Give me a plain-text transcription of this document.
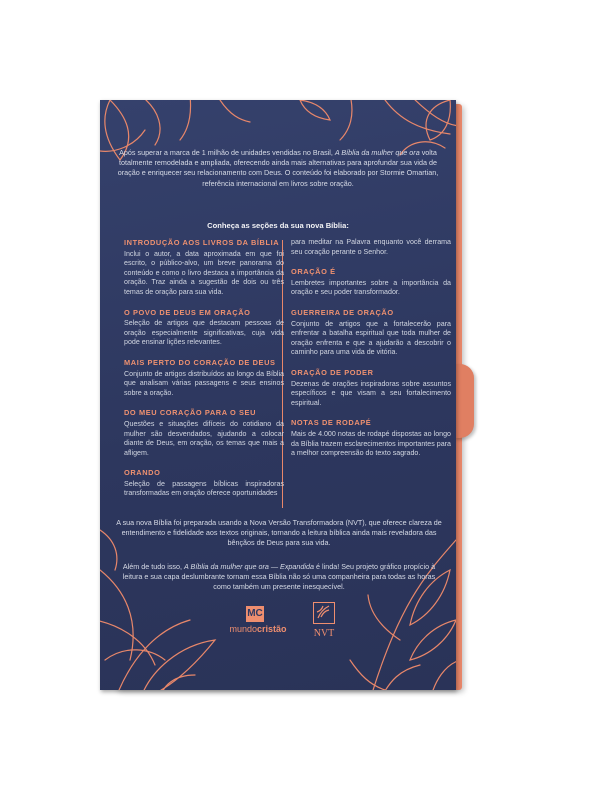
Após superar a marca de 1 milhão de unidades vendidas no Brasil, A Bíblia da mulher que ora volta totalmente remodelada e ampliada, oferecendo ainda mais alternativas para aprofundar sua vida de oração e enriquecer seu relacionamento com Deus. O conteúdo foi elaborado por Stormie Omartian, referência internacional em livros sobre oração.
Conheça as seções da sua nova Bíblia:
INTRODUÇÃO AOS LIVROS DA BÍBLIA
Inclui o autor, a data aproximada em que foi escrito, o público-alvo, um breve panorama do conteúdo e como o livro destaca a importância da oração. Traz ainda a sugestão de dois ou três temas de oração para sua vida.
O POVO DE DEUS EM ORAÇÃO
Seleção de artigos que destacam pessoas de oração especialmente significativas, cuja vida pode ensinar lições relevantes.
MAIS PERTO DO CORAÇÃO DE DEUS
Conjunto de artigos distribuídos ao longo da Bíblia que analisam várias passagens e seus ensinos sobre a oração.
DO MEU CORAÇÃO PARA O SEU
Questões e situações difíceis do cotidiano da mulher são desvendados, ajudando a colocar diante de Deus, em oração, os temas que mais a afligem.
ORANDO
Seleção de passagens bíblicas inspiradoras transformadas em oração oferece oportunidades
para meditar na Palavra enquanto você derrama seu coração perante o Senhor.
ORAÇÃO É
Lembretes importantes sobre a importância da oração e seu poder transformador.
GUERREIRA DE ORAÇÃO
Conjunto de artigos que a fortalecerão para enfrentar a batalha espiritual que toda mulher de oração enfrenta e que a ajudarão a descobrir o caminho para uma vida de vitória.
ORAÇÃO DE PODER
Dezenas de orações inspiradoras sobre assuntos específicos e que visam a seu fortalecimento espiritual.
NOTAS DE RODAPÉ
Mais de 4.000 notas de rodapé dispostas ao longo da Bíblia trazem esclarecimentos importantes para a melhor compreensão do texto sagrado.
A sua nova Bíblia foi preparada usando a Nova Versão Transformadora (NVT), que oferece clareza de entendimento e fidelidade aos textos originais, tornando a leitura bíblica ainda mais reveladora das bênçãos de Deus para sua vida.
Além de tudo isso, A Bíblia da mulher que ora — Expandida é linda! Seu projeto gráfico propício à leitura e sua capa deslumbrante tornam essa Bíblia não só uma companheira para todas as horas como também um presente inesquecível.
MC
mundocristão	NVT
